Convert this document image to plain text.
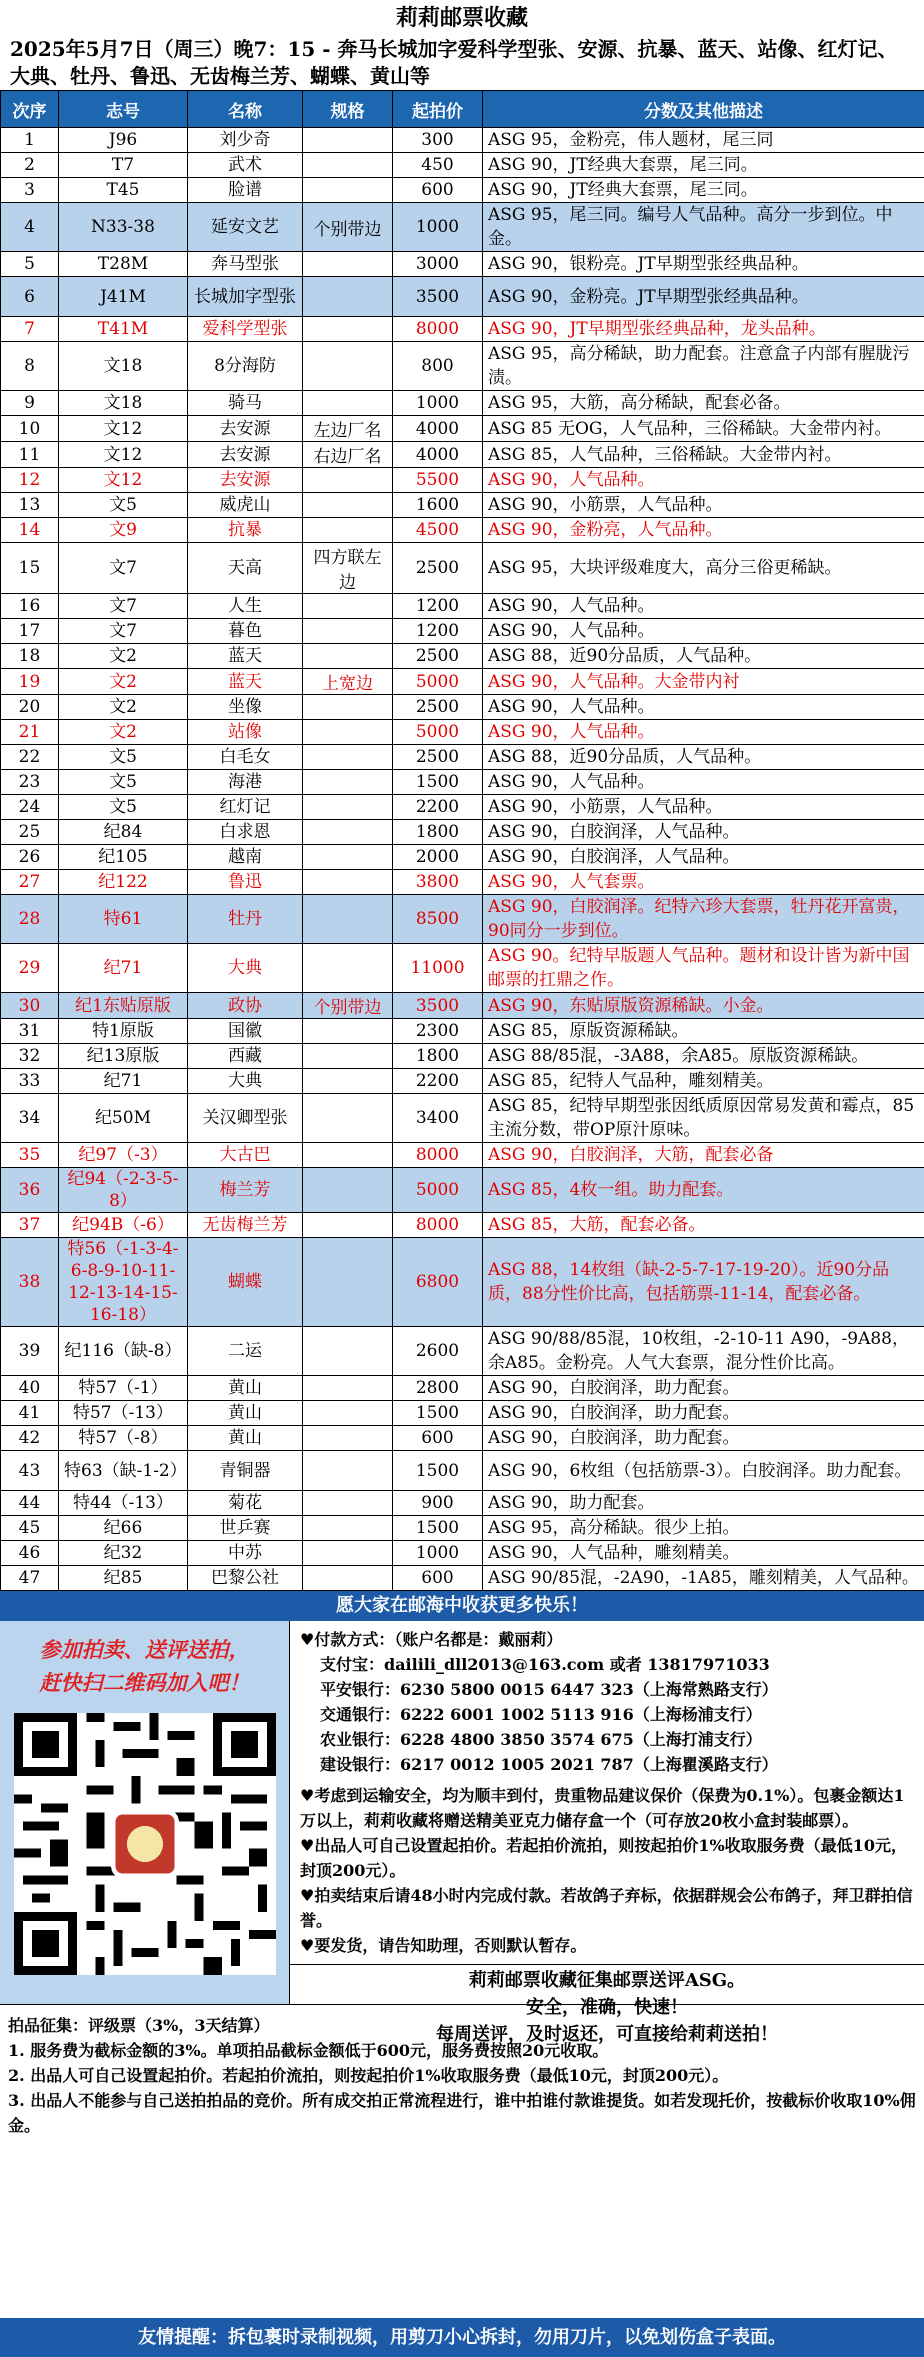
莉莉邮票收藏
2025年5月7日（周三）晚7：15 - 奔马长城加字爱科学型张、安源、抗暴、蓝天、站像、红灯记、大典、牡丹、鲁迅、无齿梅兰芳、蝴蝶、黄山等
次序	志号	名称	规格	起拍价	分数及其他描述
1	J96	刘少奇		300	ASG 95，金粉亮，伟人题材，尾三同
2	T7	武术		450	ASG 90，JT经典大套票，尾三同。
3	T45	脸谱		600	ASG 90，JT经典大套票，尾三同。
4	N33-38	延安文艺	个别带边	1000	ASG 95，尾三同。编号人气品种。高分一步到位。中金。
5	T28M	奔马型张		3000	ASG 90，银粉亮。JT早期型张经典品种。
6	J41M	长城加字型张		3500	ASG 90，金粉亮。JT早期型张经典品种。
7	T41M	爱科学型张		8000	ASG 90，JT早期型张经典品种，龙头品种。
8	文18	8分海防		800	ASG 95，高分稀缺，助力配套。注意盒子内部有腥胧污渍。
9	文18	骑马		1000	ASG 95，大筋，高分稀缺，配套必备。
10	文12	去安源	左边厂名	4000	ASG 85 无OG，人气品种，三俗稀缺。大金带内衬。
11	文12	去安源	右边厂名	4000	ASG 85，人气品种，三俗稀缺。大金带内衬。
12	文12	去安源		5500	ASG 90，人气品种。
13	文5	威虎山		1600	ASG 90，小筋票，人气品种。
14	文9	抗暴		4500	ASG 90，金粉亮，人气品种。
15	文7	天高	四方联左边	2500	ASG 95，大块评级难度大，高分三俗更稀缺。
16	文7	人生		1200	ASG 90，人气品种。
17	文7	暮色		1200	ASG 90，人气品种。
18	文2	蓝天		2500	ASG 88，近90分品质，人气品种。
19	文2	蓝天	上宽边	5000	ASG 90，人气品种。大金带内衬
20	文2	坐像		2500	ASG 90，人气品种。
21	文2	站像		5000	ASG 90，人气品种。
22	文5	白毛女		2500	ASG 88，近90分品质，人气品种。
23	文5	海港		1500	ASG 90，人气品种。
24	文5	红灯记		2200	ASG 90，小筋票，人气品种。
25	纪84	白求恩		1800	ASG 90，白胶润泽，人气品种。
26	纪105	越南		2000	ASG 90，白胶润泽，人气品种。
27	纪122	鲁迅		3800	ASG 90，人气套票。
28	特61	牡丹		8500	ASG 90，白胶润泽。纪特六珍大套票，牡丹花开富贵，90同分一步到位。
29	纪71	大典		11000	ASG 90。纪特早版题人气品种。题材和设计皆为新中国邮票的扛鼎之作。
30	纪1东贴原版	政协	个别带边	3500	ASG 90，东贴原版资源稀缺。小金。
31	特1原版	国徽		2300	ASG 85，原版资源稀缺。
32	纪13原版	西藏		1800	ASG 88/85混，-3A88，余A85。原版资源稀缺。
33	纪71	大典		2200	ASG 85，纪特人气品种，雕刻精美。
34	纪50M	关汉卿型张		3400	ASG 85，纪特早期型张因纸质原因常易发黄和霉点，85主流分数，带OP原汁原味。
35	纪97（-3）	大古巴		8000	ASG 90，白胶润泽，大筋，配套必备
36	纪94（-2-3-5-8）	梅兰芳		5000	ASG 85，4枚一组。助力配套。
37	纪94B（-6）	无齿梅兰芳		8000	ASG 85，大筋，配套必备。
38	特56（-1-3-4-6-8-9-10-11-12-13-14-15-16-18）	蝴蝶		6800	ASG 88，14枚组（缺-2-5-7-17-19-20）。近90分品质，88分性价比高，包括筋票-11-14，配套必备。
39	纪116（缺-8）	二运		2600	ASG 90/88/85混，10枚组，-2-10-11 A90，-9A88，余A85。金粉亮。人气大套票，混分性价比高。
40	特57（-1）	黄山		2800	ASG 90，白胶润泽，助力配套。
41	特57（-13）	黄山		1500	ASG 90，白胶润泽，助力配套。
42	特57（-8）	黄山		600	ASG 90，白胶润泽，助力配套。
43	特63（缺-1-2）	青铜器		1500	ASG 90，6枚组（包括筋票-3）。白胶润泽。助力配套。
44	特44（-13）	菊花		900	ASG 90，助力配套。
45	纪66	世乒赛		1500	ASG 95，高分稀缺。很少上拍。
46	纪32	中苏		1000	ASG 90，人气品种，雕刻精美。
47	纪85	巴黎公社		600	ASG 90/85混，-2A90，-1A85，雕刻精美，人气品种。
愿大家在邮海中收获更多快乐！
参加拍卖、送评送拍，
赶快扫二维码加入吧！

♥付款方式：（账户名都是：戴丽莉）

支付宝：dailili_dll2013@163.com 或者 13817971033

平安银行：6230 5800 0015 6447 323（上海常熟路支行）

交通银行：6222 6001 1002 5113 916（上海杨浦支行）

农业银行：6228 4800 3850 3574 675（上海打浦支行）

建设银行：6217 0012 1005 2021 787（上海瞿溪路支行）

♥考虑到运输安全，均为顺丰到付，贵重物品建议保价（保费为0.1%）。包裹金额达1万以上，莉莉收藏将赠送精美亚克力储存盒一个（可存放20枚小盒封装邮票）。

♥出品人可自己设置起拍价。若起拍价流拍，则按起拍价1%收取服务费（最低10元，封顶200元）。

♥拍卖结束后请48小时内完成付款。若故鸽子弃标，依据群规会公布鸽子，拜卫群拍信誉。

♥要发货，请告知助理，否则默认暂存。

莉莉邮票收藏征集邮票送评ASG。
安全，准确，快速！
每周送评，及时返还，可直接给莉莉送拍！
拍品征集：评级票（3%，3天结算）
1. 服务费为截标金额的3%。单项拍品截标金额低于600元，服务费按照20元收取。
2. 出品人可自己设置起拍价。若起拍价流拍，则按起拍价1%收取服务费（最低10元，封顶200元）。
3. 出品人不能参与自己送拍拍品的竞价。所有成交拍正常流程进行，谁中拍谁付款谁提货。如若发现托价，按截标价收取10%佣金。
友情提醒：拆包裹时录制视频，用剪刀小心拆封，勿用刀片，以免划伤盒子表面。
